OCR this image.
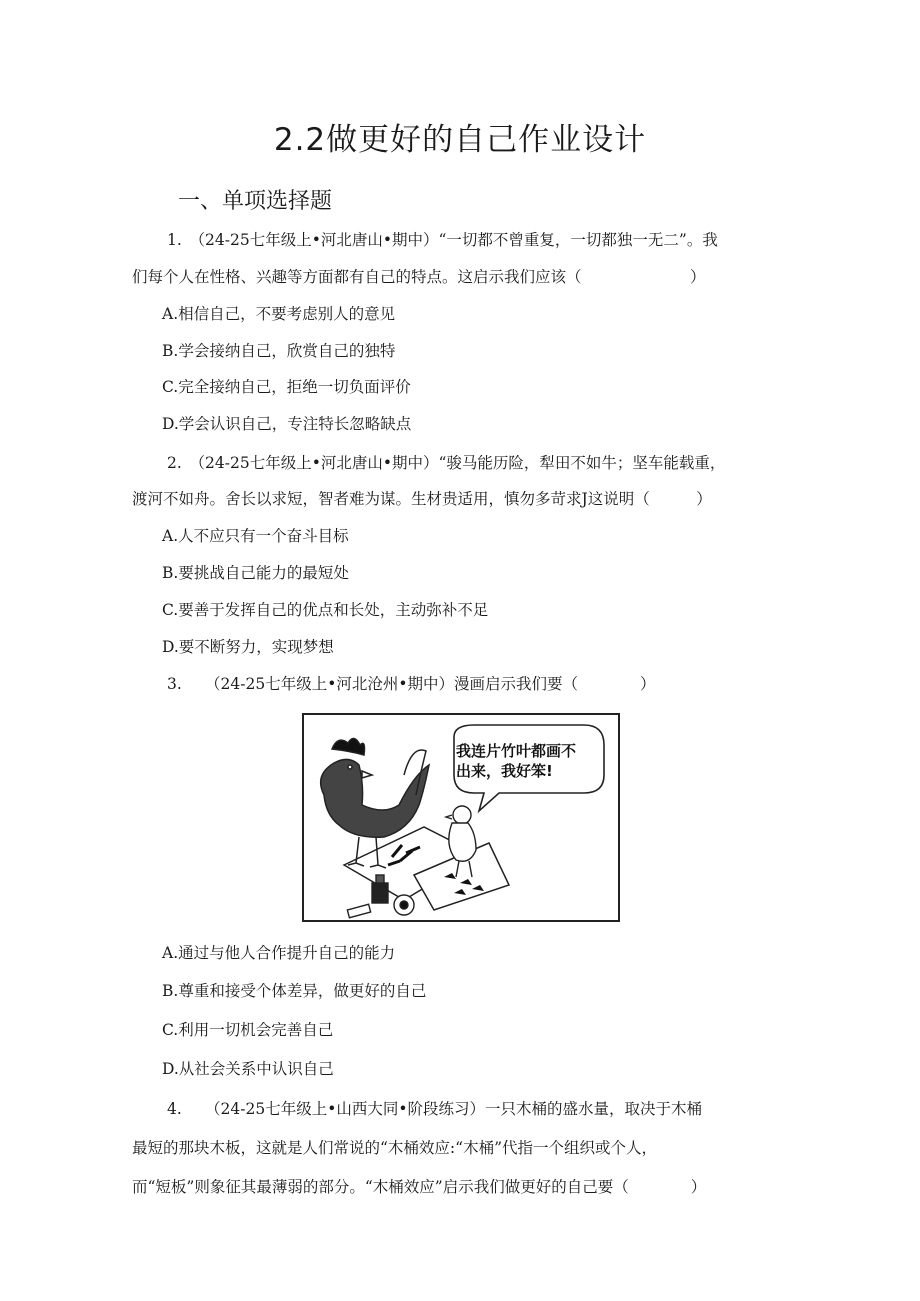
2.2做更好的自己作业设计
一、单项选择题
1.　（24-25七年级上•河北唐山•期中）“一切都不曾重复，一切都独一无二”。我
们每个人在性格、兴趣等方面都有自己的特点。这启示我们应该（　　　　　　　）
A.相信自己，不要考虑别人的意见
B.学会接纳自己，欣赏自己的独特
C.完全接纳自己，拒绝一切负面评价
D.学会认识自己，专注特长忽略缺点
2.　（24-25七年级上•河北唐山•期中）“骏马能历险，犁田不如牛；坚车能载重，
渡河不如舟。舍长以求短，智者难为谋。生材贵适用，慎勿多苛求J这说明（　　　）
A.人不应只有一个奋斗目标
B.要挑战自己能力的最短处
C.要善于发挥自己的优点和长处，主动弥补不足
D.要不断努力，实现梦想
3.　　（24-25七年级上•河北沧州•期中）漫画启示我们要（　　　　）
我连片竹叶都画不出来，我好笨!
A.通过与他人合作提升自己的能力
B.尊重和接受个体差异，做更好的自己
C.利用一切机会完善自己
D.从社会关系中认识自己
4.　　（24-25七年级上•山西大同•阶段练习）一只木桶的盛水量，取决于木桶
最短的那块木板，这就是人们常说的“木桶效应:“木桶”代指一个组织或个人，
而“短板”则象征其最薄弱的部分。“木桶效应”启示我们做更好的自己要（　　　　）
